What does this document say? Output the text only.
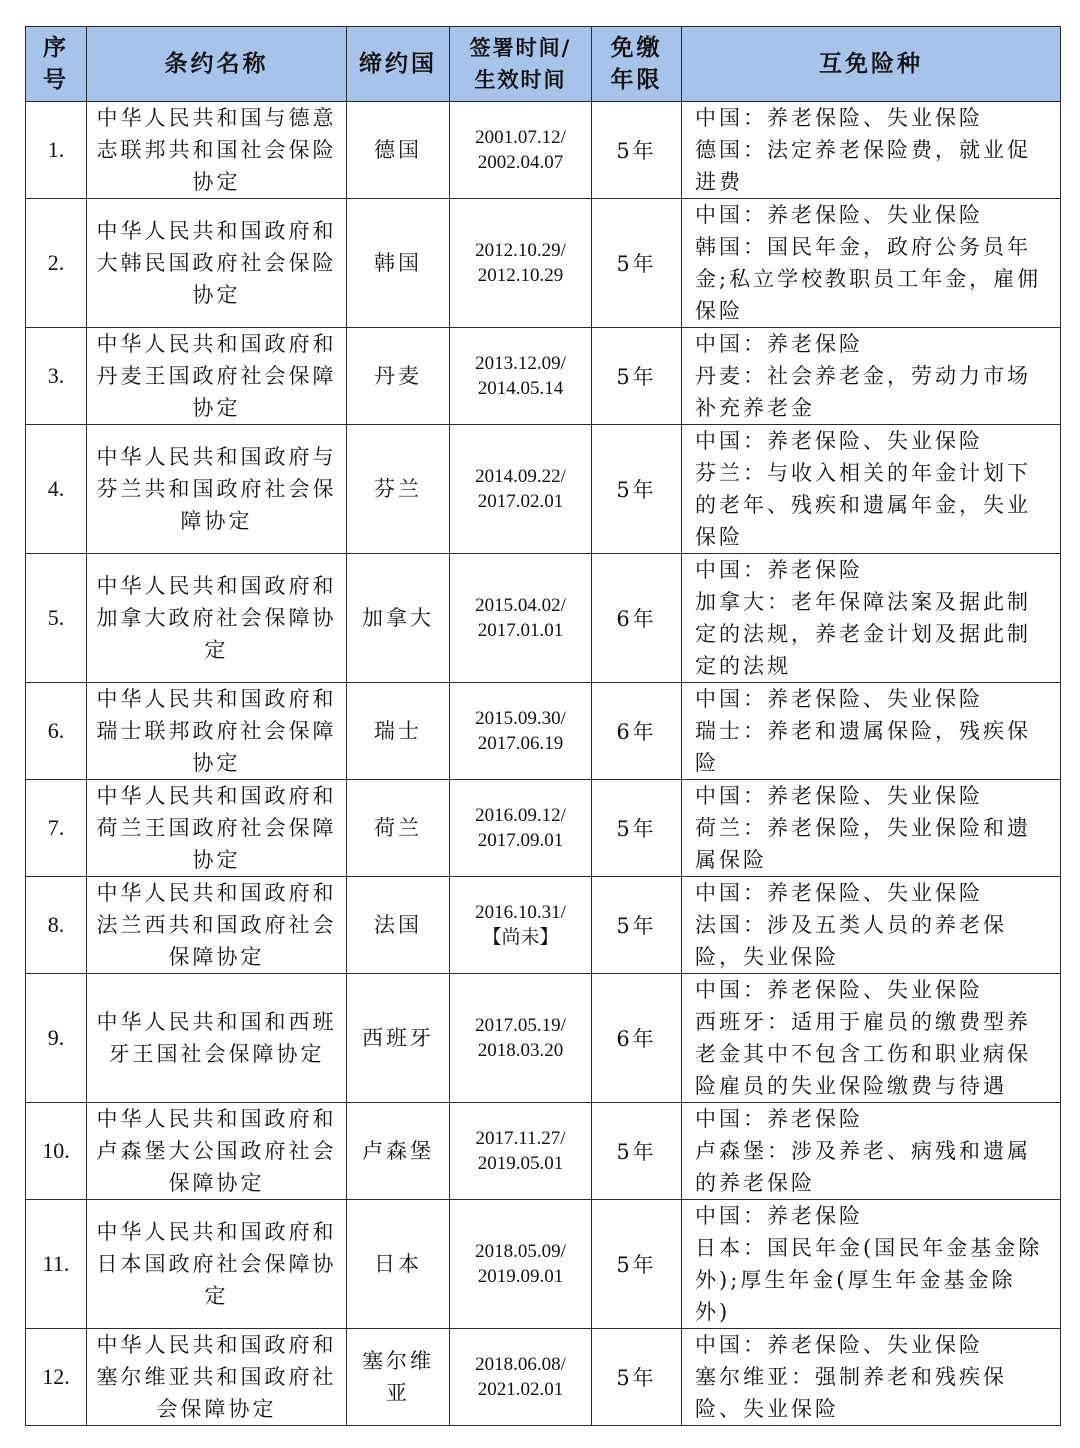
序号	条约名称	缔约国	签署时间/生效时间	免缴年限	互免险种
1.	中华人民共和国与德意志联邦共和国社会保险协定	德国	2001.07.12/
2002.04.07	5年	中国：养老保险、失业保险
德国：法定养老保险费，就业促进费

2.	中华人民共和国政府和大韩民国政府社会保险协定	韩国	2012.10.29/
2012.10.29	5年	中国：养老保险、失业保险
韩国：国民年金，政府公务员年金;私立学校教职员工年金，雇佣保险

3.	中华人民共和国政府和丹麦王国政府社会保障协定	丹麦	2013.12.09/
2014.05.14	5年	中国：养老保险
丹麦：社会养老金，劳动力市场补充养老金

4.	中华人民共和国政府与芬兰共和国政府社会保障协定	芬兰	2014.09.22/
2017.02.01	5年	中国：养老保险、失业保险
芬兰：与收入相关的年金计划下的老年、残疾和遗属年金，失业保险

5.	中华人民共和国政府和加拿大政府社会保障协定	加拿大	2015.04.02/
2017.01.01	6年	中国：养老保险
加拿大：老年保障法案及据此制定的法规，养老金计划及据此制定的法规

6.	中华人民共和国政府和瑞士联邦政府社会保障协定	瑞士	2015.09.30/
2017.06.19	6年	中国：养老保险、失业保险
瑞士：养老和遗属保险，残疾保险

7.	中华人民共和国政府和荷兰王国政府社会保障协定	荷兰	2016.09.12/
2017.09.01	5年	中国：养老保险、失业保险
荷兰：养老保险，失业保险和遗属保险

8.	中华人民共和国政府和法兰西共和国政府社会保障协定	法国	2016.10.31/
【尚未】	5年	中国：养老保险、失业保险
法国：涉及五类人员的养老保险，失业保险

9.	中华人民共和国和西班牙王国社会保障协定	西班牙	2017.05.19/
2018.03.20	6年	中国：养老保险、失业保险
西班牙：适用于雇员的缴费型养老金其中不包含工伤和职业病保险雇员的失业保险缴费与待遇

10.	中华人民共和国政府和卢森堡大公国政府社会保障协定	卢森堡	2017.11.27/
2019.05.01	5年	中国：养老保险
卢森堡：涉及养老、病残和遗属的养老保险

11.	中华人民共和国政府和日本国政府社会保障协定	日本	2018.05.09/
2019.09.01	5年	中国：养老保险
日本：国民年金(国民年金基金除外);厚生年金(厚生年金基金除外)

12.	中华人民共和国政府和塞尔维亚共和国政府社会保障协定	塞尔维亚	2018.06.08/
2021.02.01	5年	中国：养老保险、失业保险
塞尔维亚：强制养老和残疾保险、失业保险
